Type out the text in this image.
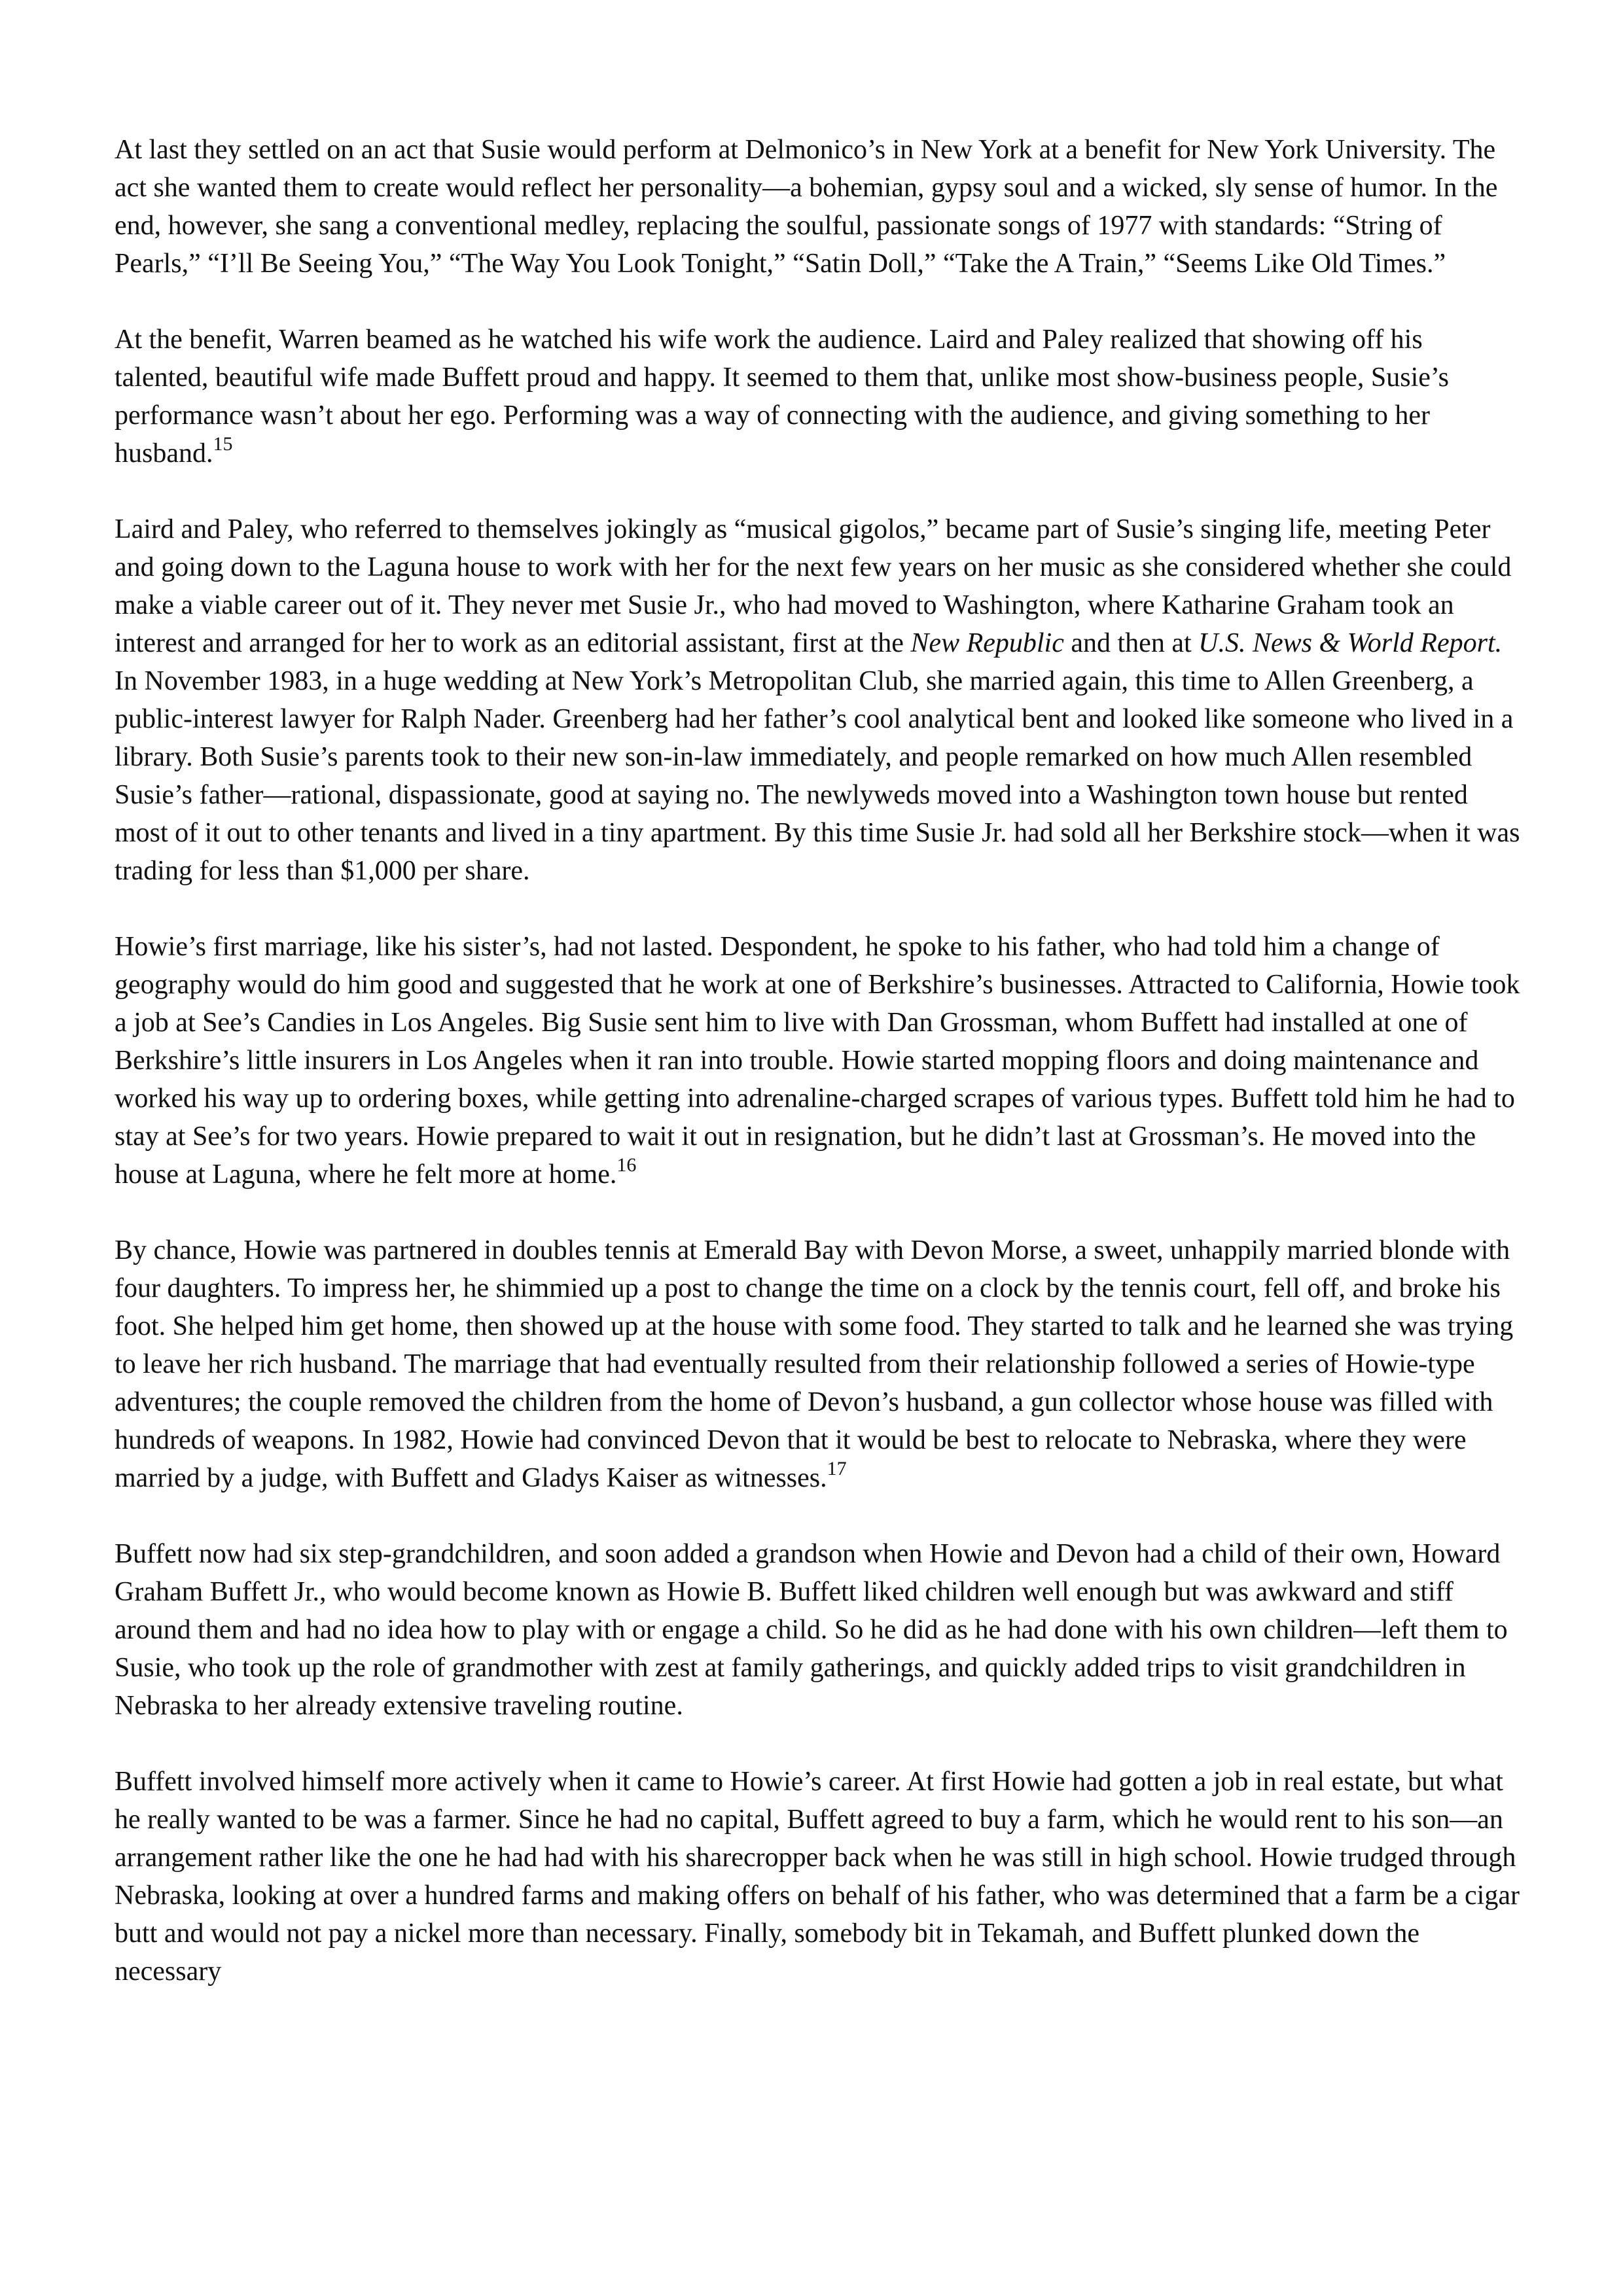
At last they settled on an act that Susie would perform at Delmonico’s in New York at a benefit for New York University. The act she wanted them to create would reflect her personality—a bohemian, gypsy soul and a wicked, sly sense of humor. In the end, however, she sang a conventional medley, replacing the soulful, passionate songs of 1977 with standards: “String of Pearls,” “I’ll Be Seeing You,” “The Way You Look Tonight,” “Satin Doll,” “Take the A Train,” “Seems Like Old Times.”

At the benefit, Warren beamed as he watched his wife work the audience. Laird and Paley realized that showing off his talented, beautiful wife made Buffett proud and happy. It seemed to them that, unlike most show-business people, Susie’s performance wasn’t about her ego. Performing was a way of connecting with the audience, and giving something to her husband.$^{15}$

Laird and Paley, who referred to themselves jokingly as “musical gigolos,” became part of Susie’s singing life, meeting Peter and going down to the Laguna house to work with her for the next few years on her music as she considered whether she could make a viable career out of it. They never met Susie Jr., who had moved to Washington, where Katharine Graham took an interest and arranged for her to work as an editorial assistant, first at the New Republic and then at U.S. News & World Report. In November 1983, in a huge wedding at New York’s Metropolitan Club, she married again, this time to Allen Greenberg, a public-interest lawyer for Ralph Nader. Greenberg had her father’s cool analytical bent and looked like someone who lived in a library. Both Susie’s parents took to their new son-in-law immediately, and people remarked on how much Allen resembled Susie’s father—rational, dispassionate, good at saying no. The newlyweds moved into a Washington town house but rented most of it out to other tenants and lived in a tiny apartment. By this time Susie Jr. had sold all her Berkshire stock—when it was trading for less than $1,000 per share.

Howie’s first marriage, like his sister’s, had not lasted. Despondent, he spoke to his father, who had told him a change of geography would do him good and suggested that he work at one of Berkshire’s businesses. Attracted to California, Howie took a job at See’s Candies in Los Angeles. Big Susie sent him to live with Dan Grossman, whom Buffett had installed at one of Berkshire’s little insurers in Los Angeles when it ran into trouble. Howie started mopping floors and doing maintenance and worked his way up to ordering boxes, while getting into adrenaline-charged scrapes of various types. Buffett told him he had to stay at See’s for two years. Howie prepared to wait it out in resignation, but he didn’t last at Grossman’s. He moved into the house at Laguna, where he felt more at home.$^{16}$

By chance, Howie was partnered in doubles tennis at Emerald Bay with Devon Morse, a sweet, unhappily married blonde with four daughters. To impress her, he shimmied up a post to change the time on a clock by the tennis court, fell off, and broke his foot. She helped him get home, then showed up at the house with some food. They started to talk and he learned she was trying to leave her rich husband. The marriage that had eventually resulted from their relationship followed a series of Howie-type adventures; the couple removed the children from the home of Devon’s husband, a gun collector whose house was filled with hundreds of weapons. In 1982, Howie had convinced Devon that it would be best to relocate to Nebraska, where they were married by a judge, with Buffett and Gladys Kaiser as witnesses.$^{17}$

Buffett now had six step-grandchildren, and soon added a grandson when Howie and Devon had a child of their own, Howard Graham Buffett Jr., who would become known as Howie B. Buffett liked children well enough but was awkward and stiff around them and had no idea how to play with or engage a child. So he did as he had done with his own children—left them to Susie, who took up the role of grandmother with zest at family gatherings, and quickly added trips to visit grandchildren in Nebraska to her already extensive traveling routine.

Buffett involved himself more actively when it came to Howie’s career. At first Howie had gotten a job in real estate, but what he really wanted to be was a farmer. Since he had no capital, Buffett agreed to buy a farm, which he would rent to his son—an arrangement rather like the one he had had with his sharecropper back when he was still in high school. Howie trudged through Nebraska, looking at over a hundred farms and making offers on behalf of his father, who was determined that a farm be a cigar butt and would not pay a nickel more than necessary. Finally, somebody bit in Tekamah, and Buffett plunked down the necessary
